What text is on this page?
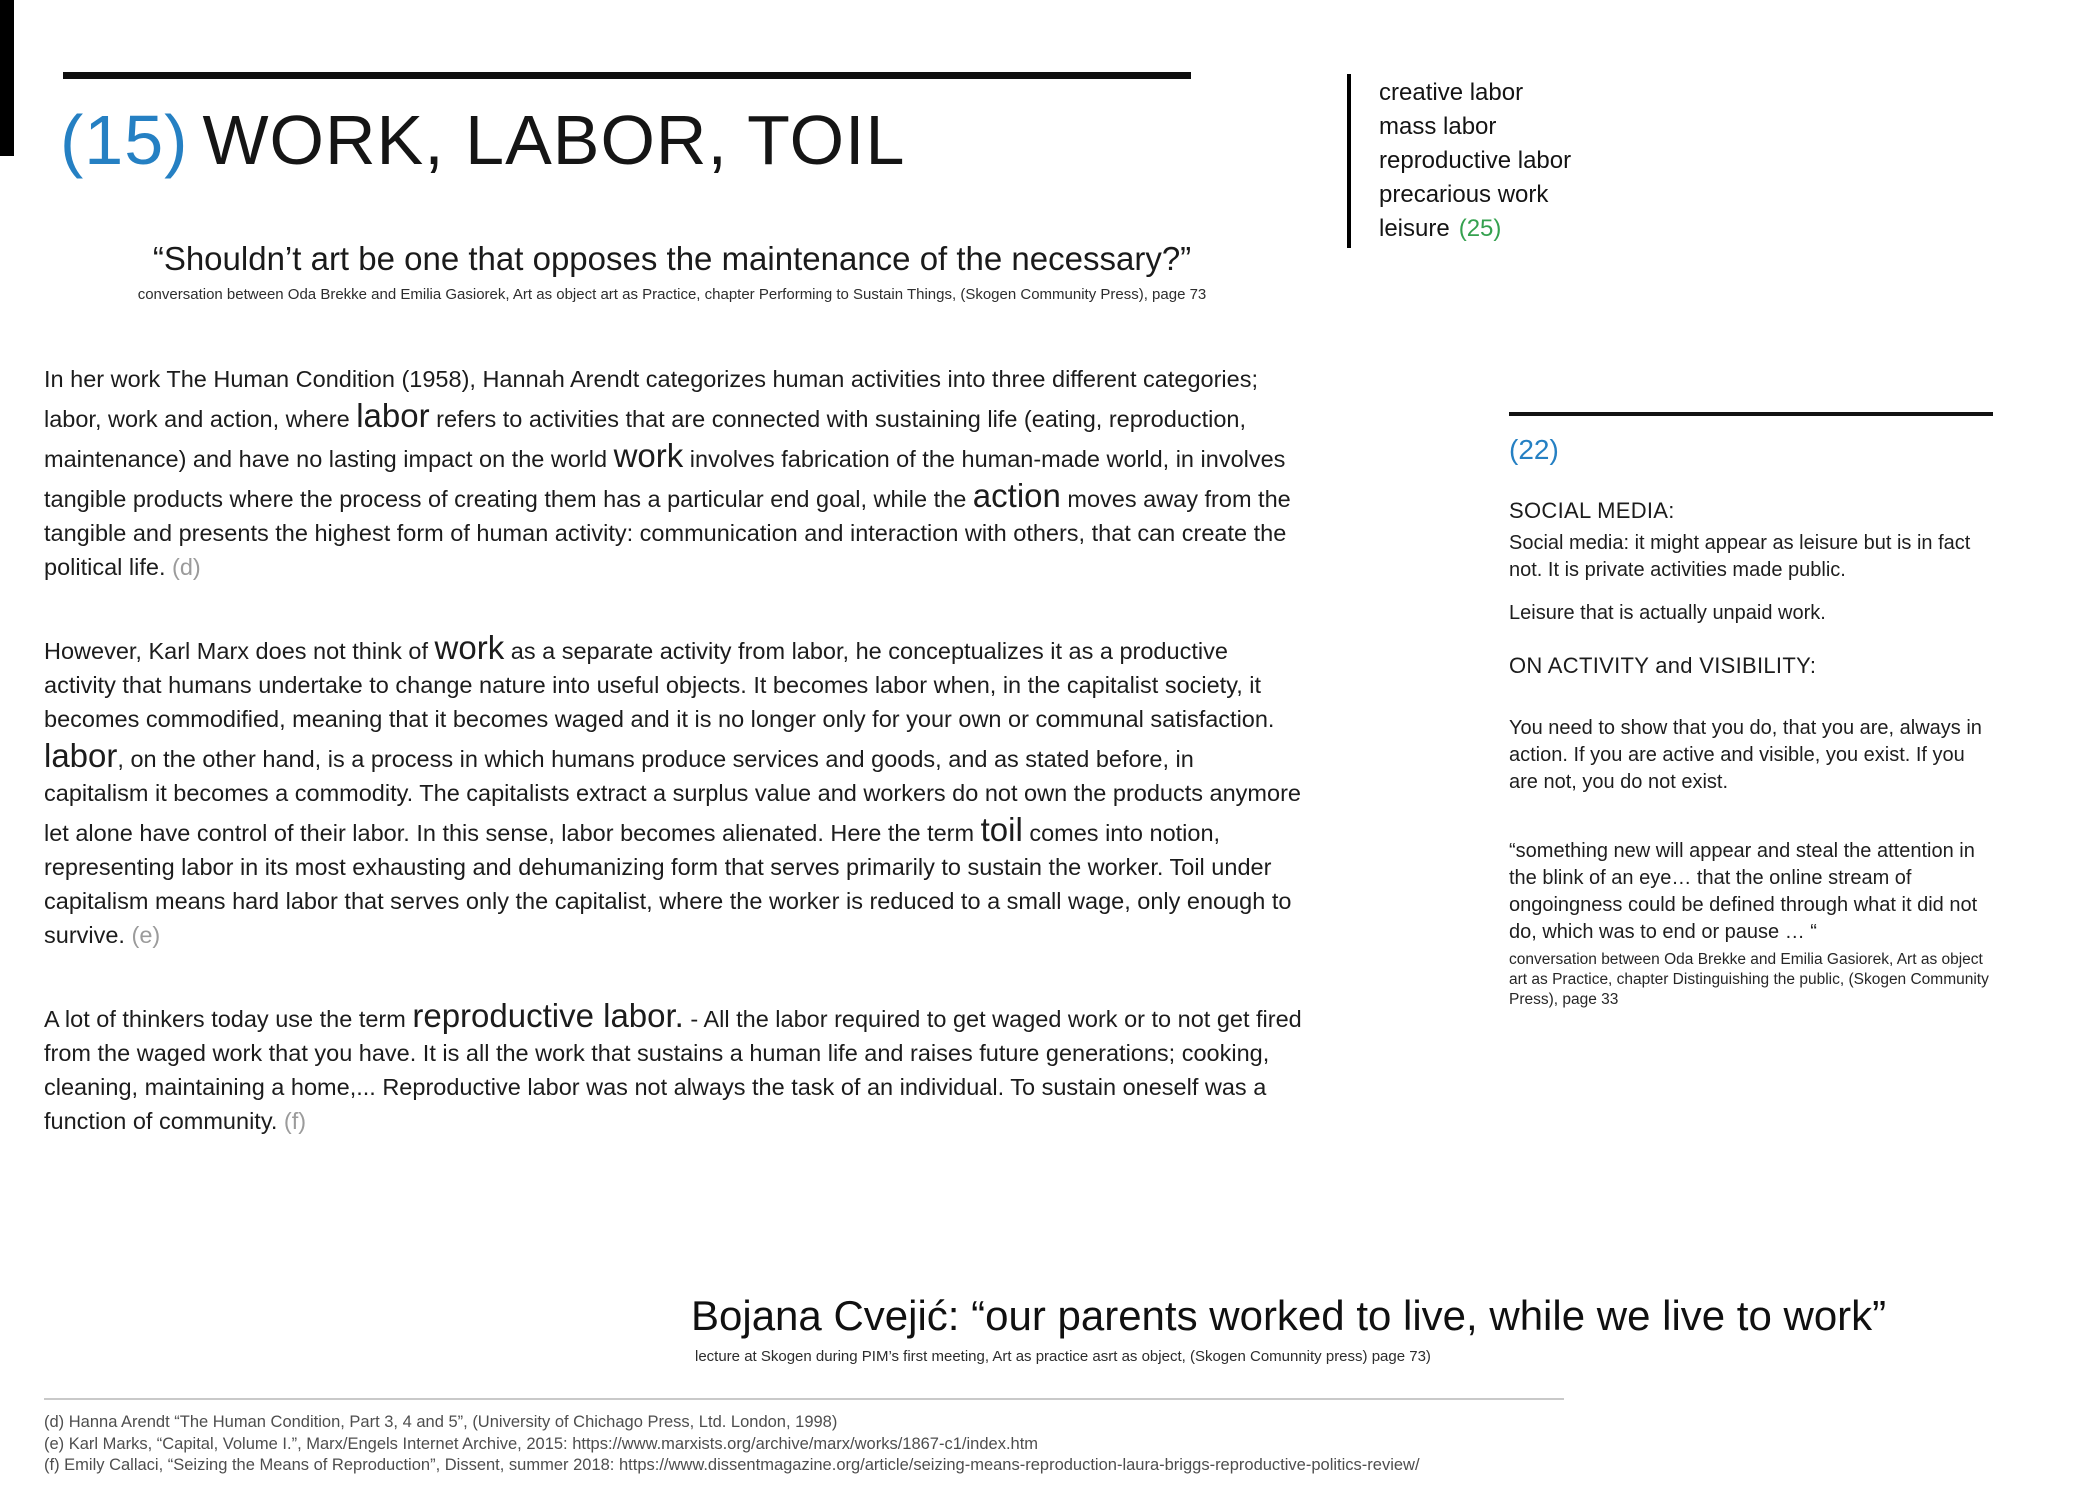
(15) WORK, LABOR, TOIL
creative labor
mass labor
reproductive labor
precarious work
leisure (25)
“Shouldn’t art be one that opposes the maintenance of the necessary?”
conversation between Oda Brekke and Emilia Gasiorek, Art as object art as Practice, chapter Performing to Sustain Things, (Skogen Community Press), page 73

In her work The Human Condition (1958), Hannah Arendt categorizes human activities into three different categories; labor, work and action, where labor refers to activities that are connected with sustaining life (eating, reproduction, maintenance) and have no lasting impact on the world work involves fabrication of the human-made world, in involves tangible products where the process of creating them has a particular end goal, while the action moves away from the tangible and presents the highest form of human activity: communication and interaction with others, that can create the political life. (d)

However, Karl Marx does not think of work as a separate activity from labor, he conceptualizes it as a productive activity that humans undertake to change nature into useful objects. It becomes labor when, in the capitalist society, it becomes commodified, meaning that it becomes waged and it is no longer only for your own or communal satisfaction. labor, on the other hand, is a process in which humans produce services and goods, and as stated before, in capitalism it becomes a commodity. The capitalists extract a surplus value and workers do not own the products anymore let alone have control of their labor. In this sense, labor becomes alienated. Here the term toil comes into notion, representing labor in its most exhausting and dehumanizing form that serves primarily to sustain the worker. Toil under capitalism means hard labor that serves only the capitalist, where the worker is reduced to a small wage, only enough to survive. (e)

A lot of thinkers today use the term reproductive labor. - All the labor required to get waged work or to not get fired from the waged work that you have. It is all the work that sustains a human life and raises future generations; cooking, cleaning, maintaining a home,... Reproductive labor was not always the task of an individual. To sustain oneself was a function of community. (f)

(22)
SOCIAL MEDIA:

Social media: it might appear as leisure but is in fact not. It is private activities made public.

Leisure that is actually unpaid work.

ON ACTIVITY and VISIBILITY:

You need to show that you do, that you are, always in action. If you are active and visible, you exist. If you are not, you do not exist.

“something new will appear and steal the attention in the blink of an eye… that the online stream of ongoingness could be defined through what it did not do, which was to end or pause … “

conversation between Oda Brekke and Emilia Gasiorek, Art as object art as Practice, chapter Distinguishing the public, (Skogen Community Press), page 33

Bojana Cvejić: “our parents worked to live, while we live to work”
lecture at Skogen during PIM’s first meeting, Art as practice asrt as object, (Skogen Comunnity press) page 73)
(d) Hanna Arendt “The Human Condition, Part 3, 4 and 5”, (University of Chichago Press, Ltd. London, 1998)
(e) Karl Marks, “Capital, Volume I.”, Marx/Engels Internet Archive, 2015: https://www.marxists.org/archive/marx/works/1867-c1/index.htm
(f) Emily Callaci, “Seizing the Means of Reproduction”, Dissent, summer 2018: https://www.dissentmagazine.org/article/seizing-means-reproduction-laura-briggs-reproductive-politics-review/
